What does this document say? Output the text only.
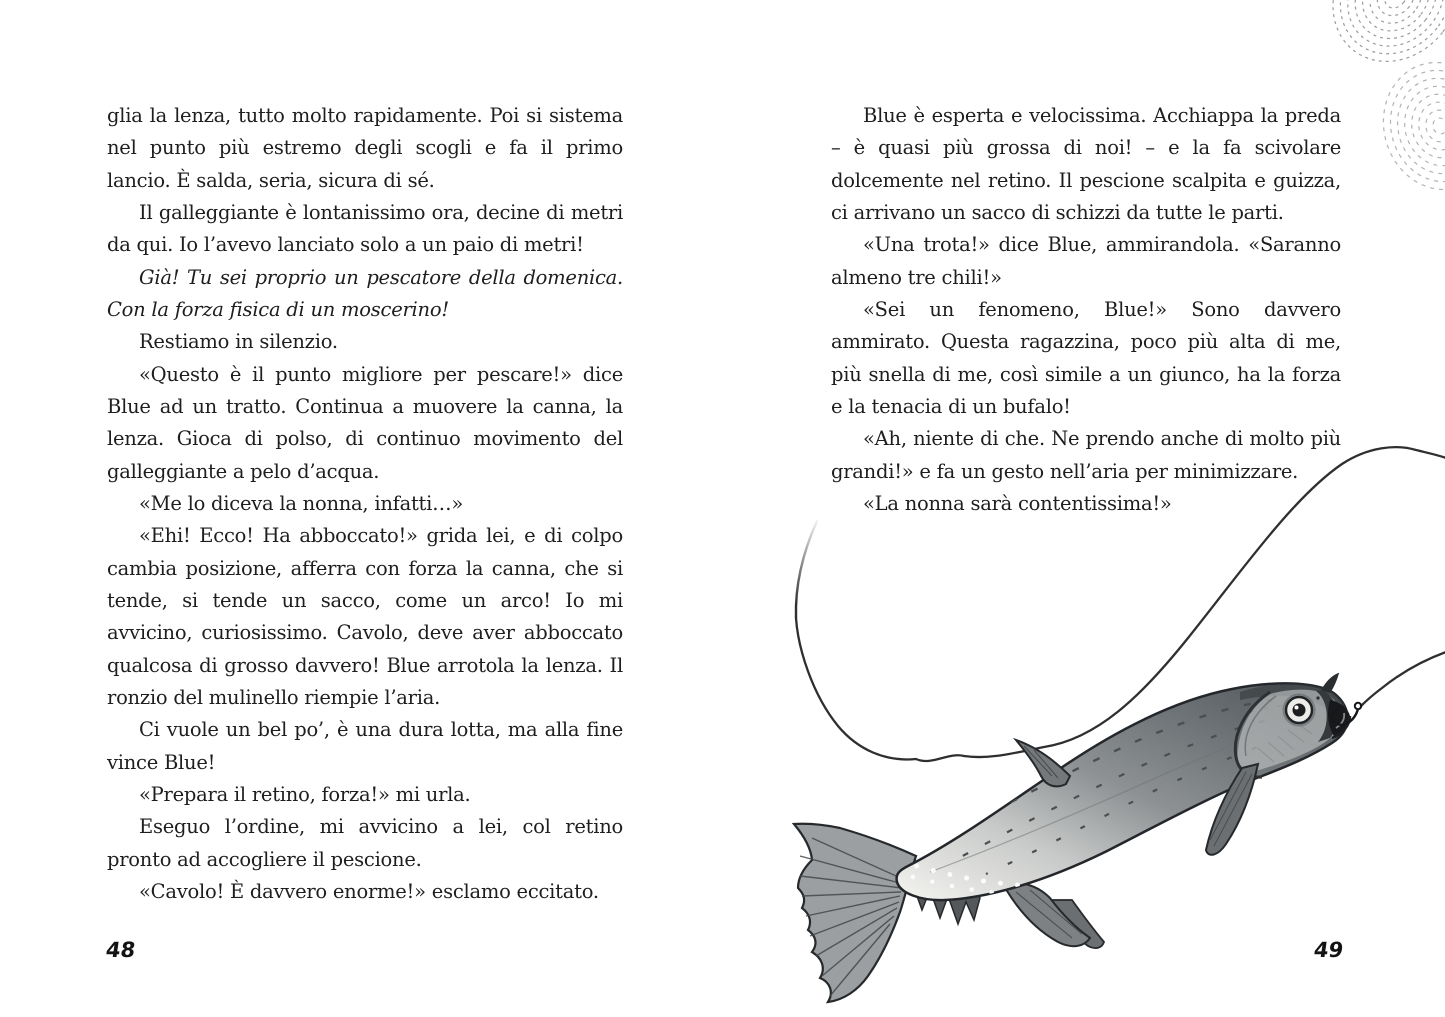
glia la lenza, tutto molto rapidamente. Poi si sistema nel punto più estremo degli scogli e fa il primo lancio. È salda, seria, sicura di sé.

Il galleggiante è lontanissimo ora, decine di metri da qui. Io l’avevo lanciato solo a un paio di metri!

Già! Tu sei proprio un pescatore della domenica. Con la forza fisica di un moscerino!

Restiamo in silenzio.

«Questo è il punto migliore per pescare!» dice Blue ad un tratto. Continua a muovere la canna, la lenza. Gioca di polso, di continuo movimento del galleggiante a pelo d’acqua.

«Me lo diceva la nonna, infatti…»

«Ehi! Ecco! Ha abboccato!» grida lei, e di colpo cambia posizione, afferra con forza la canna, che si tende, si tende un sacco, come un arco! Io mi avvicino, curiosissimo. Cavolo, deve aver abboccato qualcosa di grosso davvero! Blue arrotola la lenza. Il ronzio del mulinello riempie l’aria.

Ci vuole un bel po’, è una dura lotta, ma alla fine vince Blue!

«Prepara il retino, forza!» mi urla.

Eseguo l’ordine, mi avvicino a lei, col retino pronto ad accogliere il pescione.

«Cavolo! È davvero enorme!» esclamo eccitato.

Blue è esperta e velocissima. Acchiappa la preda – è quasi più grossa di noi! – e la fa scivolare dolcemente nel retino. Il pescione scalpita e guizza, ci arrivano un sacco di schizzi da tutte le parti.

«Una trota!» dice Blue, ammirandola. «Saranno almeno tre chili!»

«Sei un fenomeno, Blue!» Sono davvero ammirato. Questa ragazzina, poco più alta di me, più snella di me, così simile a un giunco, ha la forza e la tenacia di un bufalo!

«Ah, niente di che. Ne prendo anche di molto più grandi!» e fa un gesto nell’aria per minimizzare.

«La nonna sarà contentissima!»

48	49
